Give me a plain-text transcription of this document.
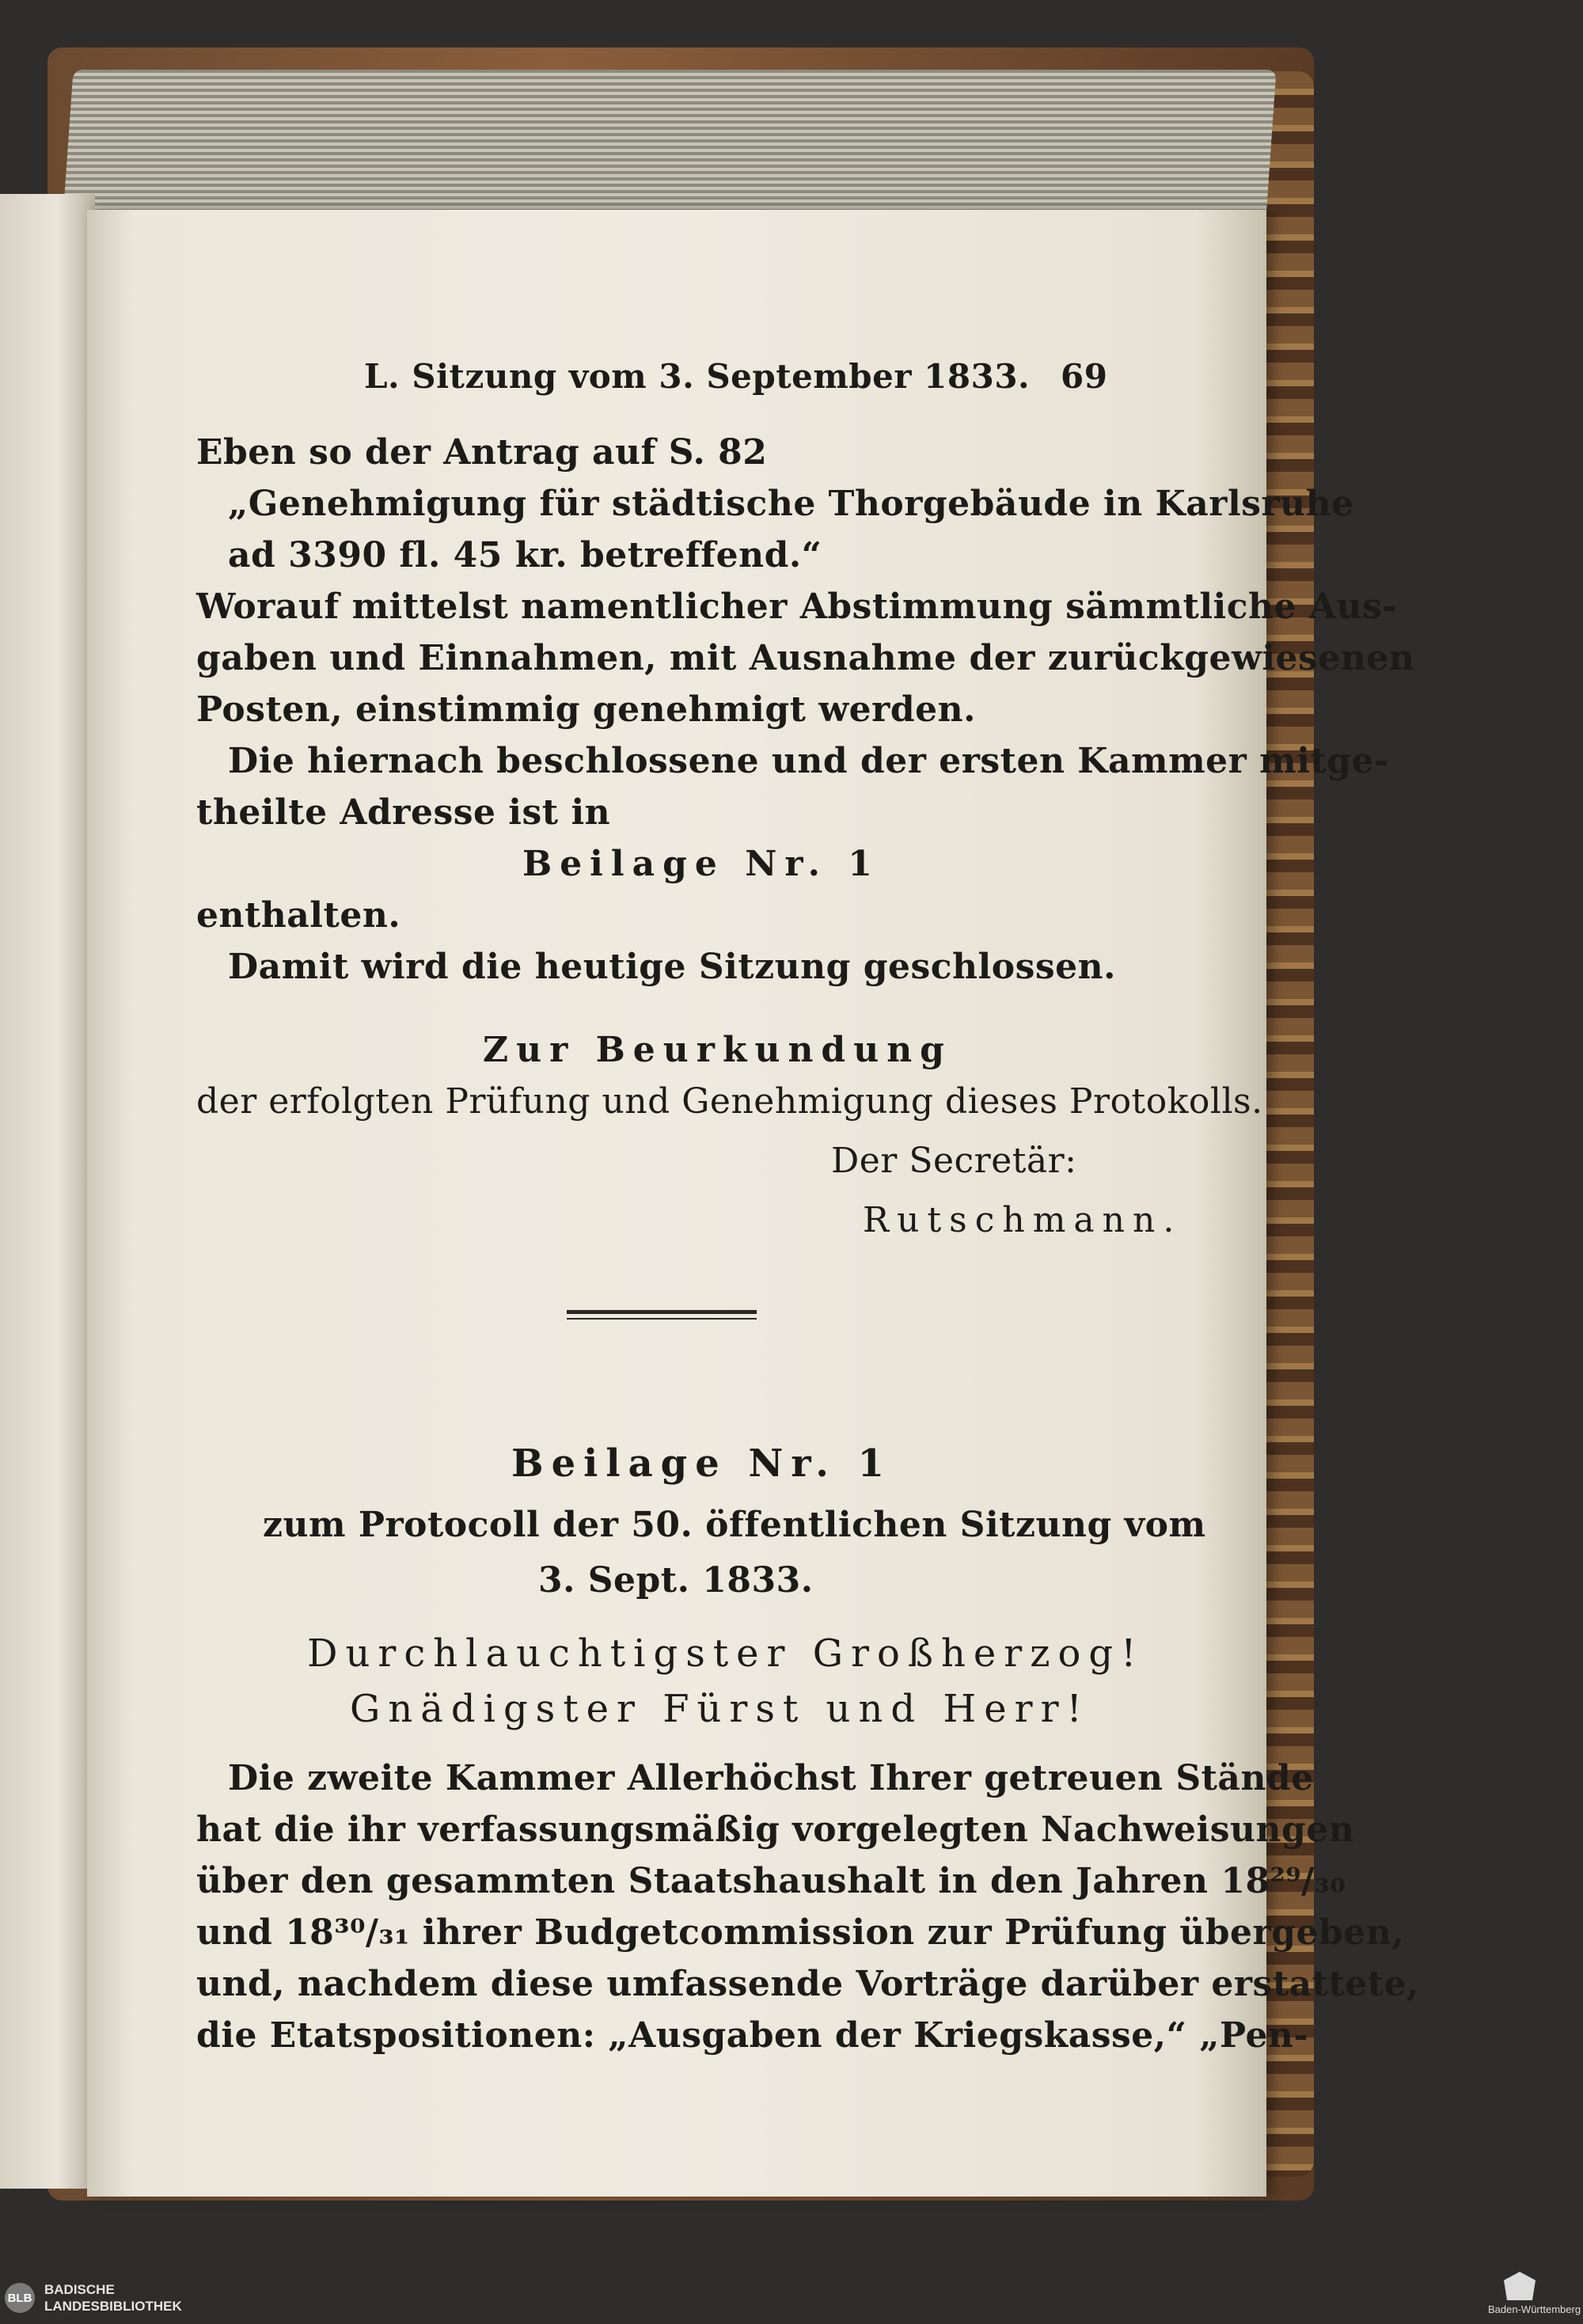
L. Sitzung vom 3. September 1833. 69
Eben so der Antrag auf S. 82
„Genehmigung für städtische Thorgebäude in Karlsruhe
ad 3390 fl. 45 kr. betreffend.“
Worauf mittelst namentlicher Abstimmung sämmtliche Aus-
gaben und Einnahmen, mit Ausnahme der zurückgewiesenen
Posten, einstimmig genehmigt werden.
Die hiernach beschlossene und der ersten Kammer mitge-
theilte Adresse ist in
Beilage Nr. 1
enthalten.
Damit wird die heutige Sitzung geschlossen.
Zur Beurkundung
der erfolgten Prüfung und Genehmigung dieses Protokolls.
Der Secretär:
Rutschmann.
Beilage Nr. 1
zum Protocoll der 50. öffentlichen Sitzung vom
3. Sept. 1833.
Durchlauchtigster Großherzog!
Gnädigster Fürst und Herr!
Die zweite Kammer Allerhöchst Ihrer getreuen Stände
hat die ihr verfassungsmäßig vorgelegten Nachweisungen
über den gesammten Staatshaushalt in den Jahren 18²⁹/₃₀
und 18³⁰/₃₁ ihrer Budgetcommission zur Prüfung übergeben,
und, nachdem diese umfassende Vorträge darüber erstattete,
die Etatspositionen: „Ausgaben der Kriegskasse,“ „Pen-
BLB
BADISCHE
LANDESBIBLIOTHEK	Baden-Württemberg
